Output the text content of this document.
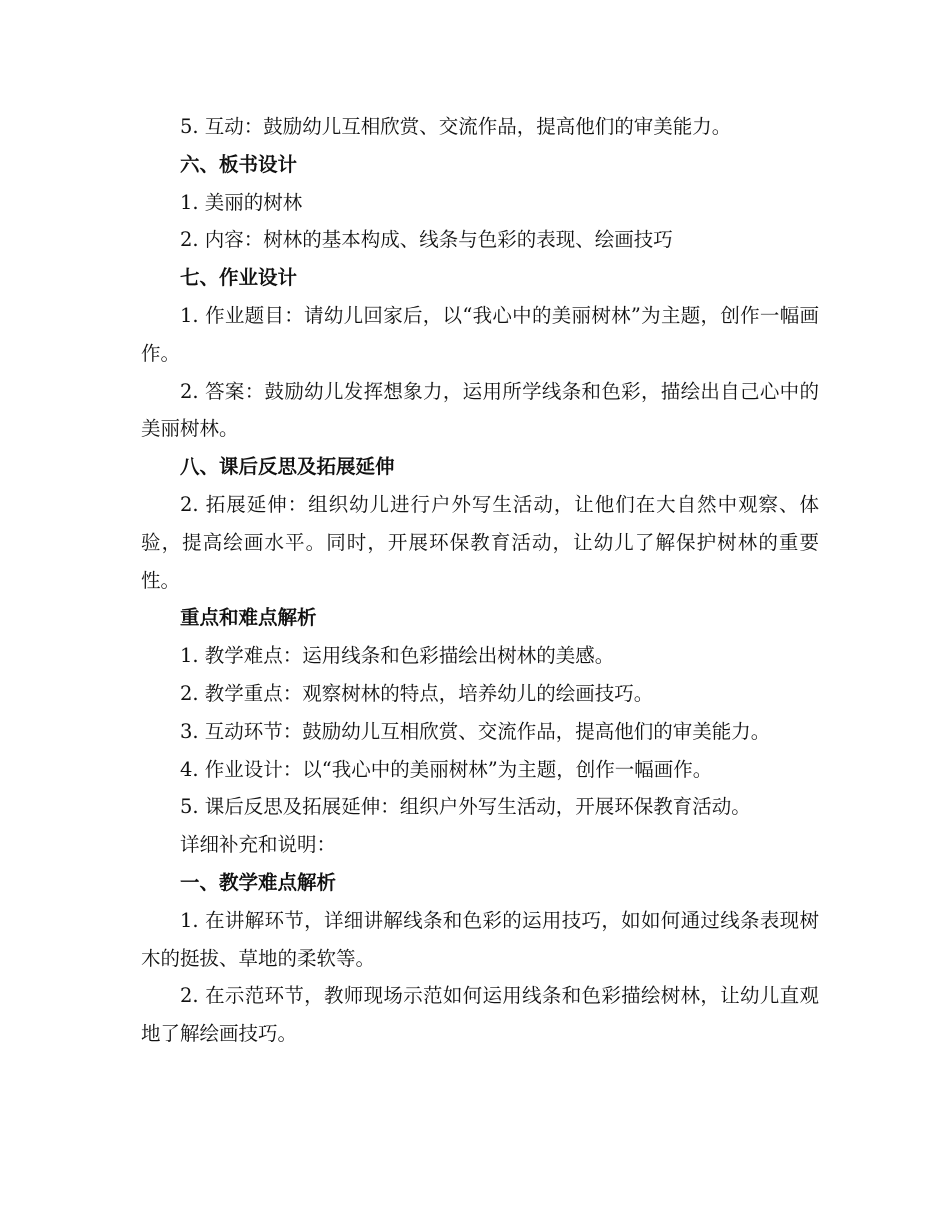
5. 互动：鼓励幼儿互相欣赏、交流作品，提高他们的审美能力。

六、板书设计

1. 美丽的树林

2. 内容：树林的基本构成、线条与色彩的表现、绘画技巧

七、作业设计

1. 作业题目：请幼儿回家后，以“我心中的美丽树林”为主题，创作一幅画作。

2. 答案：鼓励幼儿发挥想象力，运用所学线条和色彩，描绘出自己心中的美丽树林。

八、课后反思及拓展延伸

2. 拓展延伸：组织幼儿进行户外写生活动，让他们在大自然中观察、体验，提高绘画水平。同时，开展环保教育活动，让幼儿了解保护树林的重要性。

重点和难点解析

1. 教学难点：运用线条和色彩描绘出树林的美感。

2. 教学重点：观察树林的特点，培养幼儿的绘画技巧。

3. 互动环节：鼓励幼儿互相欣赏、交流作品，提高他们的审美能力。

4. 作业设计：以“我心中的美丽树林”为主题，创作一幅画作。

5. 课后反思及拓展延伸：组织户外写生活动，开展环保教育活动。

详细补充和说明：

一、教学难点解析

1. 在讲解环节，详细讲解线条和色彩的运用技巧，如如何通过线条表现树木的挺拔、草地的柔软等。

2. 在示范环节，教师现场示范如何运用线条和色彩描绘树林，让幼儿直观地了解绘画技巧。
